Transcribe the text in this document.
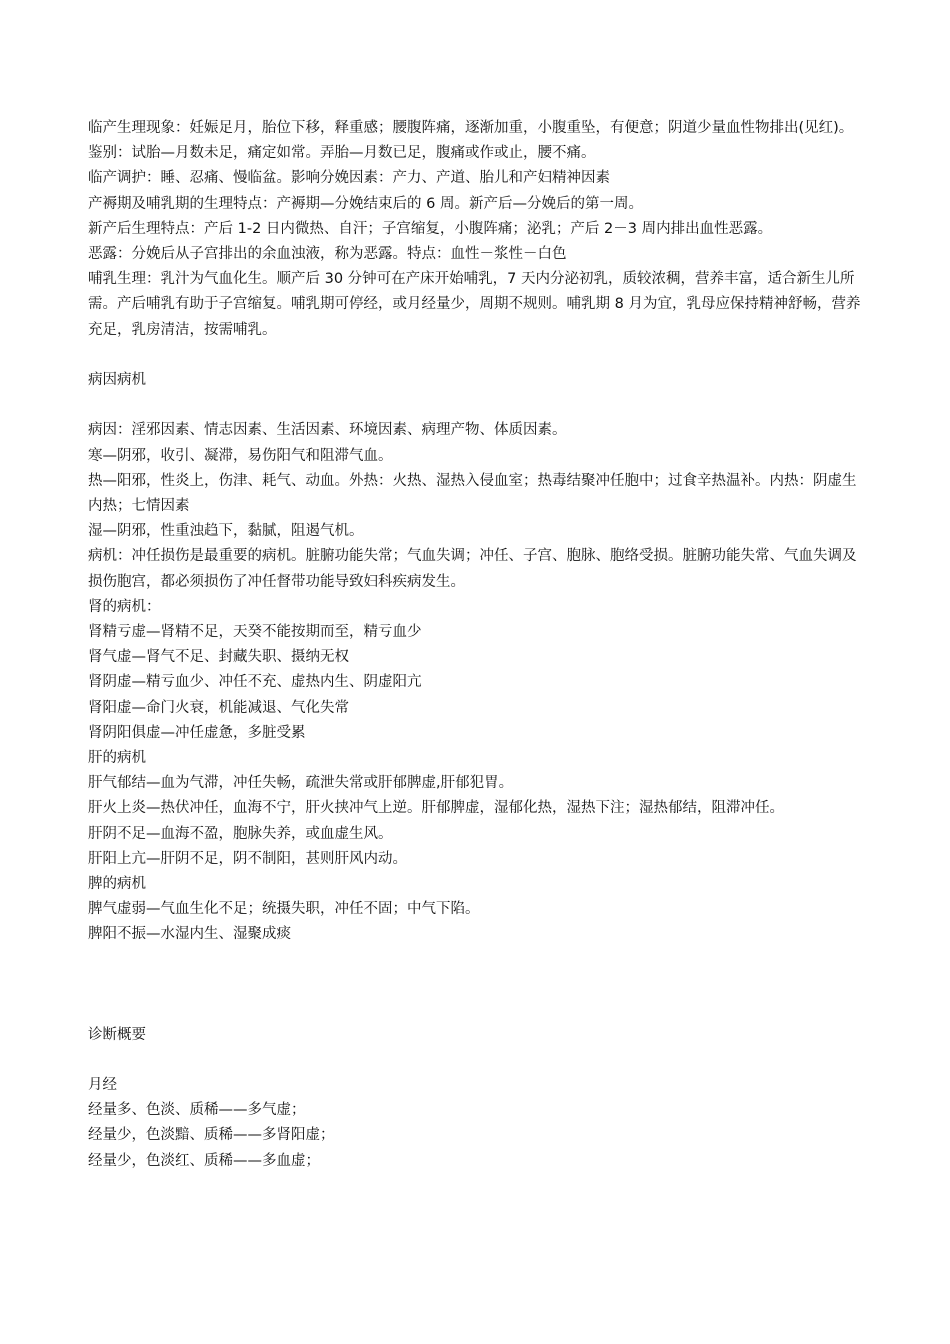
临产生理现象：妊娠足月，胎位下移，释重感；腰腹阵痛，逐渐加重，小腹重坠，有便意；阴道少量血性物排出(见红)。

鉴别：试胎—月数未足，痛定如常。弄胎—月数已足，腹痛或作或止，腰不痛。

临产调护：睡、忍痛、慢临盆。影响分娩因素：产力、产道、胎儿和产妇精神因素

产褥期及哺乳期的生理特点：产褥期—分娩结束后的 6 周。新产后—分娩后的第一周。

新产后生理特点：产后 1-2 日内微热、自汗；子宫缩复，小腹阵痛；泌乳；产后 2－3 周内排出血性恶露。

恶露：分娩后从子宫排出的余血浊液，称为恶露。特点：血性－浆性－白色

哺乳生理：乳汁为气血化生。顺产后 30 分钟可在产床开始哺乳，7 天内分泌初乳，质较浓稠，营养丰富，适合新生儿所需。产后哺乳有助于子宫缩复。哺乳期可停经，或月经量少，周期不规则。哺乳期 8 月为宜，乳母应保持精神舒畅，营养充足，乳房清洁，按需哺乳。

病因病机

病因：淫邪因素、情志因素、生活因素、环境因素、病理产物、体质因素。

寒—阴邪，收引、凝滞，易伤阳气和阻滞气血。

热—阳邪，性炎上，伤津、耗气、动血。外热：火热、湿热入侵血室；热毒结聚冲任胞中；过食辛热温补。内热：阴虚生内热；七情因素

湿—阴邪，性重浊趋下，黏腻，阻遏气机。

病机：冲任损伤是最重要的病机。脏腑功能失常；气血失调；冲任、子宫、胞脉、胞络受损。脏腑功能失常、气血失调及损伤胞宫，都必须损伤了冲任督带功能导致妇科疾病发生。

肾的病机：

肾精亏虚—肾精不足，天癸不能按期而至，精亏血少

肾气虚—肾气不足、封藏失职、摄纳无权

肾阴虚—精亏血少、冲任不充、虚热内生、阴虚阳亢

肾阳虚—命门火衰，机能减退、气化失常

肾阴阳俱虚—冲任虚惫，多脏受累

肝的病机

肝气郁结—血为气滞，冲任失畅，疏泄失常或肝郁脾虚,肝郁犯胃。

肝火上炎—热伏冲任，血海不宁，肝火挟冲气上逆。肝郁脾虚，湿郁化热，湿热下注；湿热郁结，阻滞冲任。

肝阴不足—血海不盈，胞脉失养，或血虚生风。

肝阳上亢—肝阴不足，阴不制阳，甚则肝风内动。

脾的病机

脾气虚弱—气血生化不足；统摄失职，冲任不固；中气下陷。

脾阳不振—水湿内生、湿聚成痰

诊断概要

月经

经量多、色淡、质稀——多气虚；

经量少，色淡黯、质稀——多肾阳虚；

经量少，色淡红、质稀——多血虚；
